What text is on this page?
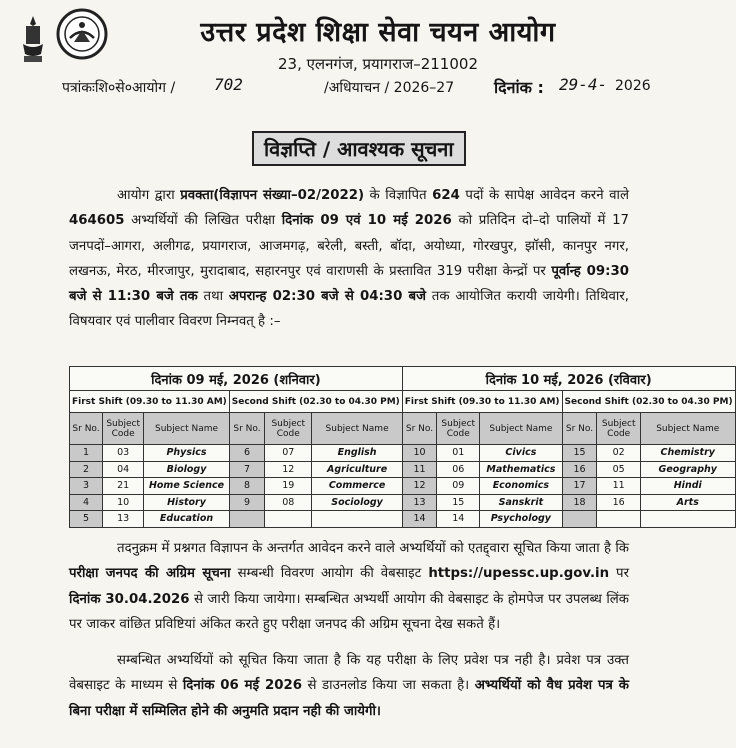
उत्तर प्रदेश शिक्षा सेवा चयन आयोग
23, एलनगंज, प्रयागराज–211002
पत्रांकःशि०से०आयोग / 702	/अधियाचन / 2026–27 दिनांक : 29-4- 2026
विज्ञप्ति / आवश्यक सूचना
आयोग द्वारा प्रवक्ता(विज्ञापन संख्या–02/2022) के विज्ञापित 624 पदों के सापेक्ष आवेदन करने वाले 464605 अभ्यर्थियों की लिखित परीक्षा दिनांक 09 एवं 10 मई 2026 को प्रतिदिन दो–दो पालियों में 17 जनपदों–आगरा, अलीगढ, प्रयागराज, आजमगढ़, बरेली, बस्ती, बॉदा, अयोध्या, गोरखपुर, झॉसी, कानपुर नगर, लखनऊ, मेरठ, मीरजापुर, मुरादाबाद, सहारनपुर एवं वाराणसी के प्रस्तावित 319 परीक्षा केन्द्रों पर पूर्वान्ह 09:30 बजे से 11:30 बजे तक तथा अपरान्ह 02:30 बजे से 04:30 बजे तक आयोजित करायी जायेगी। तिथिवार, विषयवार एवं पालीवार विवरण निम्नवत् है :–
दिनांक 09 मई, 2026 (शनिवार)						दिनांक 10 मई, 2026 (रविवार)					
First Shift (09.30 to 11.30 AM)			Second Shift (02.30 to 04.30 PM)			First Shift (09.30 to 11.30 AM)			Second Shift (02.30 to 04.30 PM)		
Sr No.	Subject Code	Subject Name	Sr No.	Subject Code	Subject Name	Sr No.	Subject Code	Subject Name	Sr No.	Subject Code	Subject Name
1	03	Physics	6	07	English	10	01	Civics	15	02	Chemistry
2	04	Biology	7	12	Agriculture	11	06	Mathematics	16	05	Geography
3	21	Home Science	8	19	Commerce	12	09	Economics	17	11	Hindi
4	10	History	9	08	Sociology	13	15	Sanskrit	18	16	Arts
5	13	Education				14	14	Psychology			
तदनुक्रम में प्रश्नगत विज्ञापन के अन्तर्गत आवेदन करने वाले अभ्यर्थियों को एतद्द्वारा सूचित किया जाता है कि परीक्षा जनपद की अग्रिम सूचना सम्बन्धी विवरण आयोग की वेबसाइट https://upessc.up.gov.in पर दिनांक 30.04.2026 से जारी किया जायेगा। सम्बन्धित अभ्यर्थी आयोग की वेबसाइट के होमपेज पर उपलब्ध लिंक पर जाकर वांछित प्रविष्टियां अंकित करते हुए परीक्षा जनपद की अग्रिम सूचना देख सकते हैं।
सम्बन्धित अभ्यर्थियों को सूचित किया जाता है कि यह परीक्षा के लिए प्रवेश पत्र नही है। प्रवेश पत्र उक्त वेबसाइट के माध्यम से दिनांक 06 मई 2026 से डाउनलोड किया जा सकता है। अभ्यर्थियों को वैध प्रवेश पत्र के बिना परीक्षा में सम्मिलित होने की अनुमति प्रदान नही की जायेगी।
